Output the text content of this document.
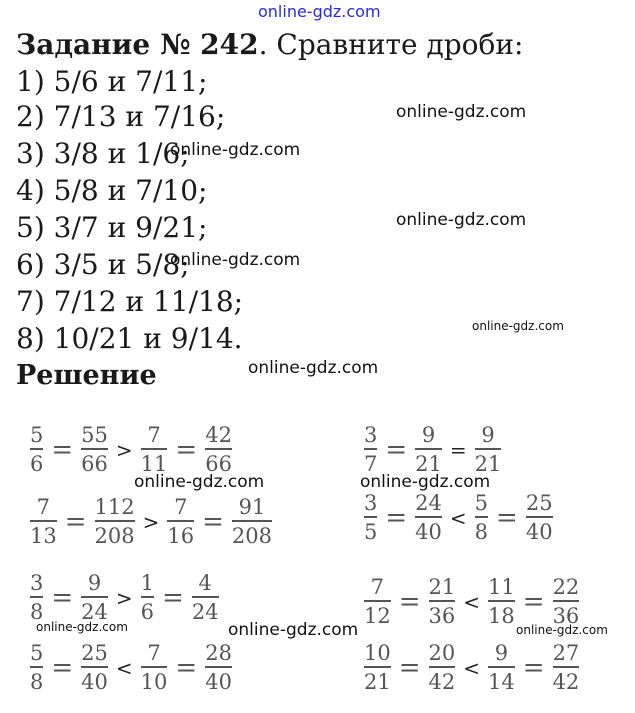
online-gdz.com
Задание № 242. Сравните дроби:
1) 5/6 и 7/11;
2) 7/13 и 7/16;
3) 3/8 и 1/6;
4) 5/8 и 7/10;
5) 3/7 и 9/21;
6) 3/5 и 5/8;
7) 7/12 и 11/18;
8) 10/21 и 9/14.
online-gdz.com
online-gdz.com
online-gdz.com
online-gdz.com
online-gdz.com
online-gdz.com
Решение
$\frac{5}{6} = \frac{55}{66} > \frac{7}{11} = \frac{42}{66}$
$\frac{7}{13} = \frac{112}{208} > \frac{7}{16} = \frac{91}{208}$
$\frac{3}{8} = \frac{9}{24} > \frac{1}{6} = \frac{4}{24}$
$\frac{5}{8} = \frac{25}{40} < \frac{7}{10} = \frac{28}{40}$
$\frac{3}{7} = \frac{9}{21} = \frac{9}{21}$
$\frac{3}{5} = \frac{24}{40} < \frac{5}{8} = \frac{25}{40}$
$\frac{7}{12} = \frac{21}{36} < \frac{11}{18} = \frac{22}{36}$
$\frac{10}{21} = \frac{20}{42} < \frac{9}{14} = \frac{27}{42}$
online-gdz.com	online-gdz.com
online-gdz.com	online-gdz.com	online-gdz.com
